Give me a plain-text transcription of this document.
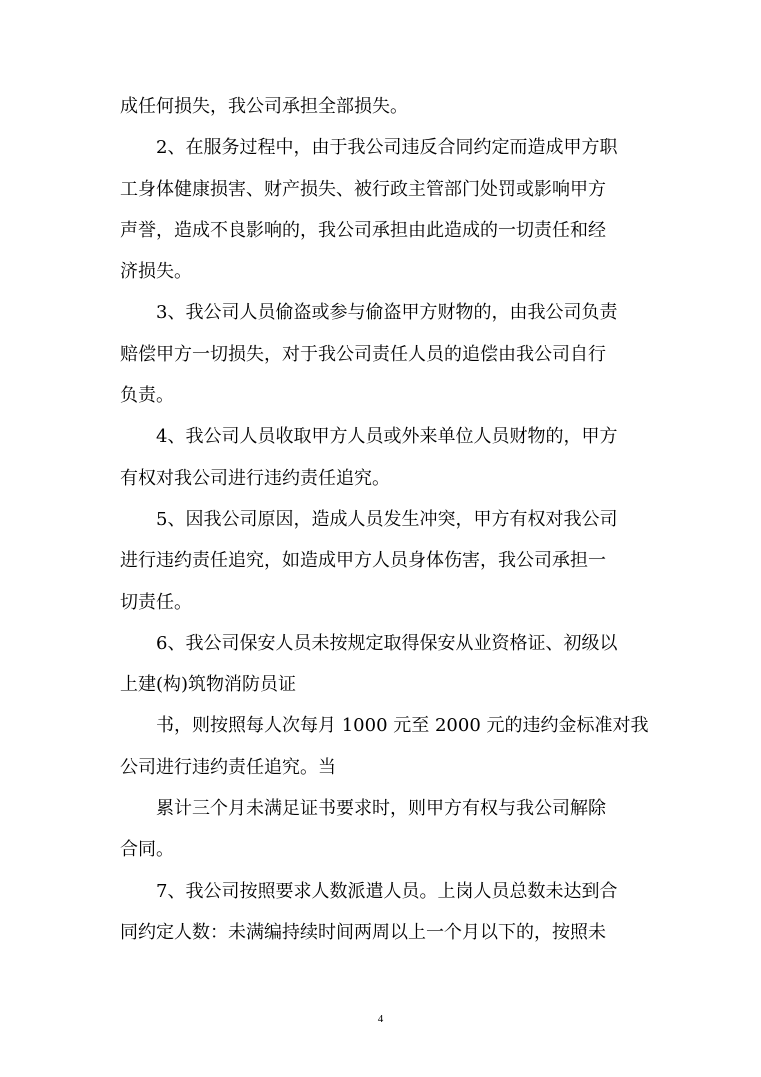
成任何损失，我公司承担全部损失。
2、在服务过程中，由于我公司违反合同约定而造成甲方职
工身体健康损害、财产损失、被行政主管部门处罚或影响甲方
声誉，造成不良影响的，我公司承担由此造成的一切责任和经
济损失。
3、我公司人员偷盗或参与偷盗甲方财物的，由我公司负责
赔偿甲方一切损失，对于我公司责任人员的追偿由我公司自行
负责。
4、我公司人员收取甲方人员或外来单位人员财物的，甲方
有权对我公司进行违约责任追究。
5、因我公司原因，造成人员发生冲突，甲方有权对我公司
进行违约责任追究，如造成甲方人员身体伤害，我公司承担一
切责任。
6、我公司保安人员未按规定取得保安从业资格证、初级以
上建(构)筑物消防员证
书，则按照每人次每月 1000 元至 2000 元的违约金标准对我
公司进行违约责任追究。当
累计三个月未满足证书要求时，则甲方有权与我公司解除
合同。
7、我公司按照要求人数派遣人员。上岗人员总数未达到合
同约定人数：未满编持续时间两周以上一个月以下的，按照未
4
